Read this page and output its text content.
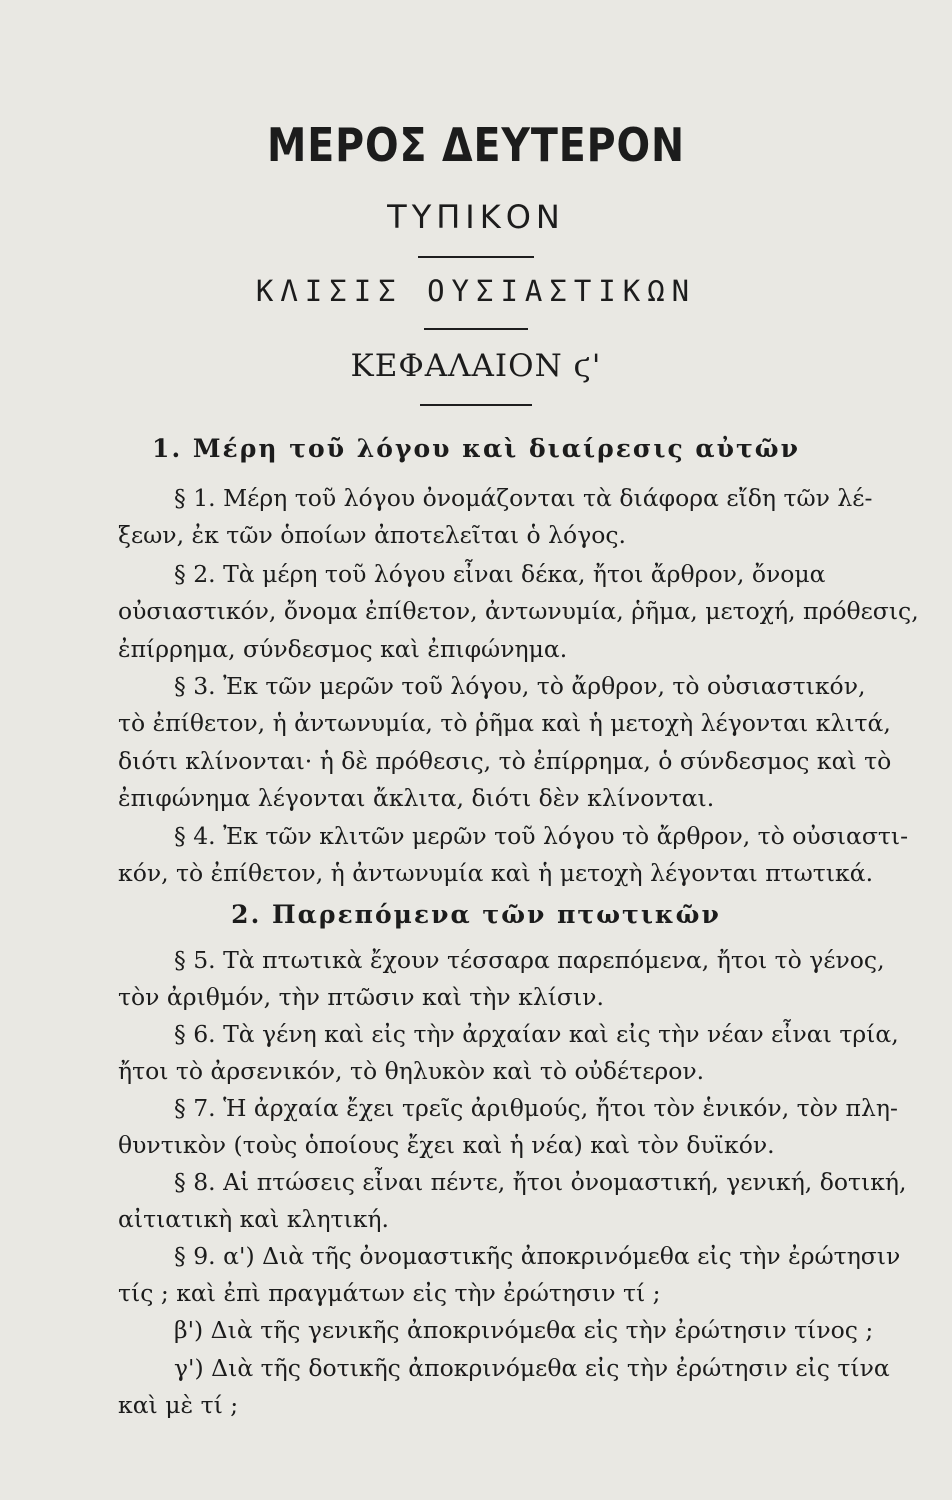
ΜΕΡΟΣ ΔΕΥΤΕΡΟΝ
ΤΥΠΙΚΟΝ
ΚΛΙΣΙΣ ΟΥΣΙΑΣΤΙΚΩΝ
ΚΕΦΑΛΑΙΟΝ ϛ'
1. Μέρη τοῦ λόγου καὶ διαίρεσις αὐτῶν
§ 1. Μέρη τοῦ λόγου ὀνομάζονται τὰ διάφορα εἴδη τῶν λέ-
ξεων, ἐκ τῶν ὁποίων ἀποτελεῖται ὁ λόγος.
§ 2. Τὰ μέρη τοῦ λόγου εἶναι δέκα, ἤτοι ἄρθρον, ὄνομα
οὐσιαστικόν, ὄνομα ἐπίθετον, ἀντωνυμία, ῥῆμα, μετοχή, πρόθεσις,
ἐπίρρημα, σύνδεσμος καὶ ἐπιφώνημα.
§ 3. Ἐκ τῶν μερῶν τοῦ λόγου, τὸ ἄρθρον, τὸ οὐσιαστικόν,
τὸ ἐπίθετον, ἡ ἀντωνυμία, τὸ ῥῆμα καὶ ἡ μετοχὴ λέγονται κλιτά,
διότι κλίνονται· ἡ δὲ πρόθεσις, τὸ ἐπίρρημα, ὁ σύνδεσμος καὶ τὸ
ἐπιφώνημα λέγονται ἄκλιτα, διότι δὲν κλίνονται.
§ 4. Ἐκ τῶν κλιτῶν μερῶν τοῦ λόγου τὸ ἄρθρον, τὸ οὐσιαστι-
κόν, τὸ ἐπίθετον, ἡ ἀντωνυμία καὶ ἡ μετοχὴ λέγονται πτωτικά.
2. Παρεπόμενα τῶν πτωτικῶν
§ 5. Τὰ πτωτικὰ ἔχουν τέσσαρα παρεπόμενα, ἤτοι τὸ γένος,
τὸν ἀριθμόν, τὴν πτῶσιν καὶ τὴν κλίσιν.
§ 6. Τὰ γένη καὶ εἰς τὴν ἀρχαίαν καὶ εἰς τὴν νέαν εἶναι τρία,
ἤτοι τὸ ἀρσενικόν, τὸ θηλυκὸν καὶ τὸ οὐδέτερον.
§ 7. Ἡ ἀρχαία ἔχει τρεῖς ἀριθμούς, ἤτοι τὸν ἑνικόν, τὸν πλη-
θυντικὸν (τοὺς ὁποίους ἔχει καὶ ἡ νέα) καὶ τὸν δυϊκόν.
§ 8. Αἱ πτώσεις εἶναι πέντε, ἤτοι ὀνομαστική, γενική, δοτική,
αἰτιατικὴ καὶ κλητική.
§ 9. α') Διὰ τῆς ὀνομαστικῆς ἀποκρινόμεθα εἰς τὴν ἐρώτησιν
τίς ; καὶ ἐπὶ πραγμάτων εἰς τὴν ἐρώτησιν τί ;
β') Διὰ τῆς γενικῆς ἀποκρινόμεθα εἰς τὴν ἐρώτησιν τίνος ;
γ') Διὰ τῆς δοτικῆς ἀποκρινόμεθα εἰς τὴν ἐρώτησιν εἰς τίνα
καὶ μὲ τί ;
